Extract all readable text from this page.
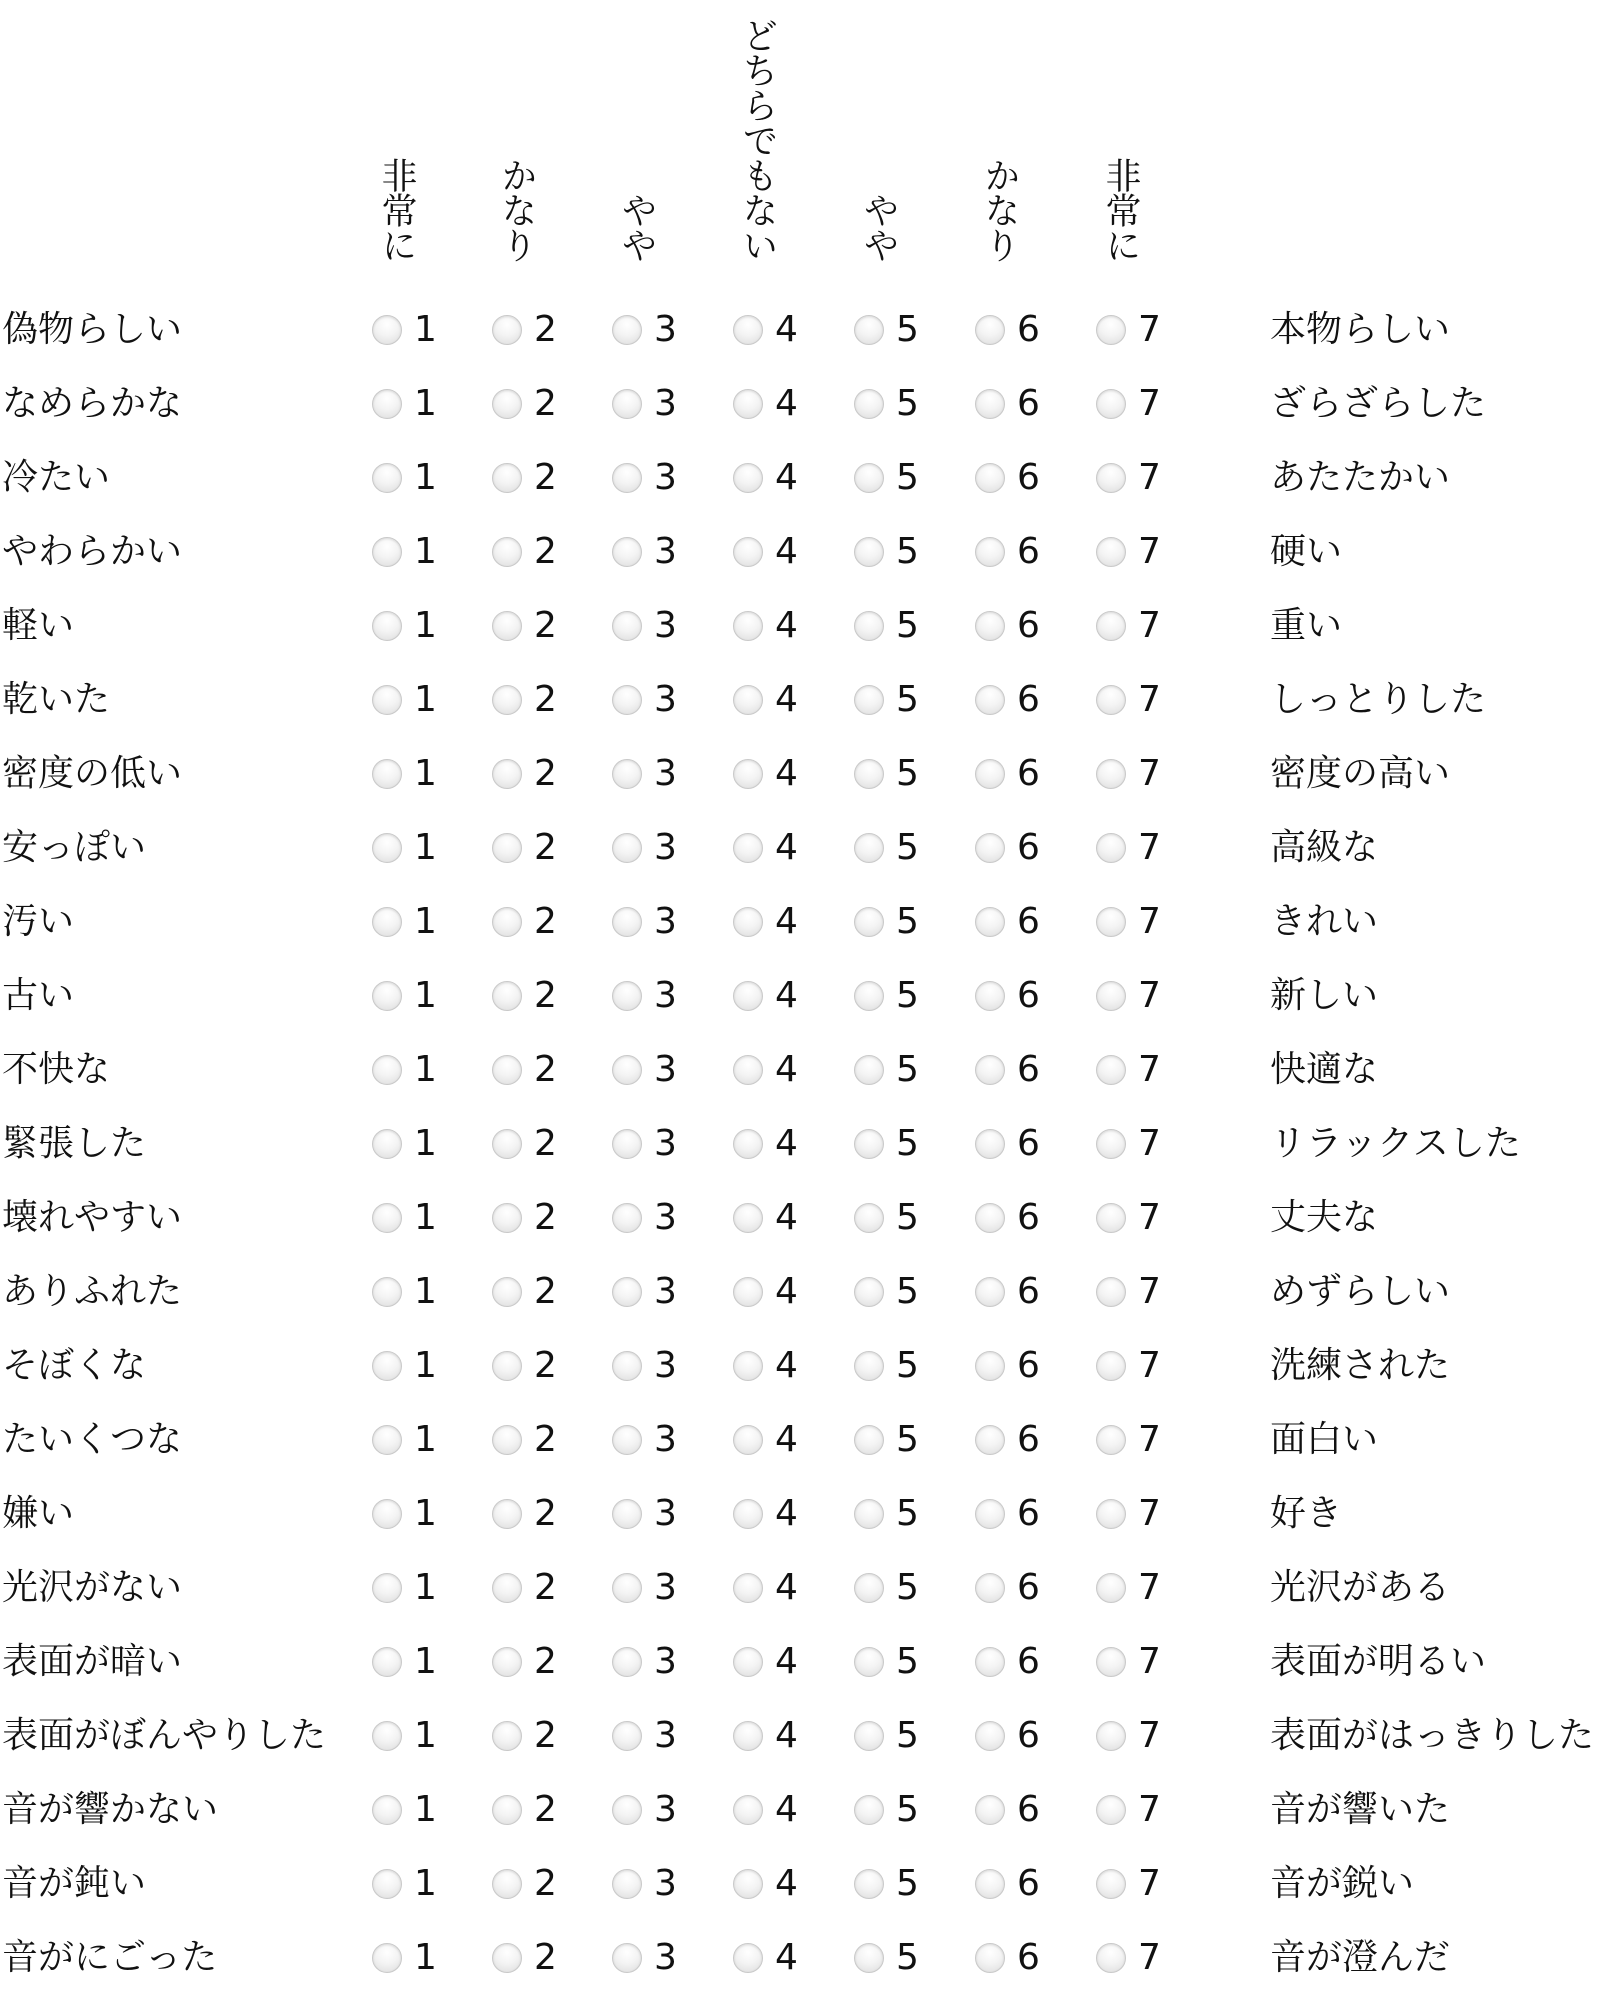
非常に かなり やや どちらでもない やや かなり 非常に
偽物らしい	1	2	3	4	5	6	7	本物らしい
なめらかな	1	2	3	4	5	6	7	ざらざらした
冷たい	1	2	3	4	5	6	7	あたたかい
やわらかい	1	2	3	4	5	6	7	硬い
軽い	1	2	3	4	5	6	7	重い
乾いた	1	2	3	4	5	6	7	しっとりした
密度の低い	1	2	3	4	5	6	7	密度の高い
安っぽい	1	2	3	4	5	6	7	高級な
汚い	1	2	3	4	5	6	7	きれい
古い	1	2	3	4	5	6	7	新しい
不快な	1	2	3	4	5	6	7	快適な
緊張した	1	2	3	4	5	6	7	リラックスした
壊れやすい	1	2	3	4	5	6	7	丈夫な
ありふれた	1	2	3	4	5	6	7	めずらしい
そぼくな	1	2	3	4	5	6	7	洗練された
たいくつな	1	2	3	4	5	6	7	面白い
嫌い	1	2	3	4	5	6	7	好き
光沢がない	1	2	3	4	5	6	7	光沢がある
表面が暗い	1	2	3	4	5	6	7	表面が明るい
表面がぼんやりした 1	2	3	4	5	6	7	表面がはっきりした
音が響かない	1	2	3	4	5	6	7	音が響いた
音が鈍い	1	2	3	4	5	6	7	音が鋭い
音がにごった	1	2	3	4	5	6	7	音が澄んだ
